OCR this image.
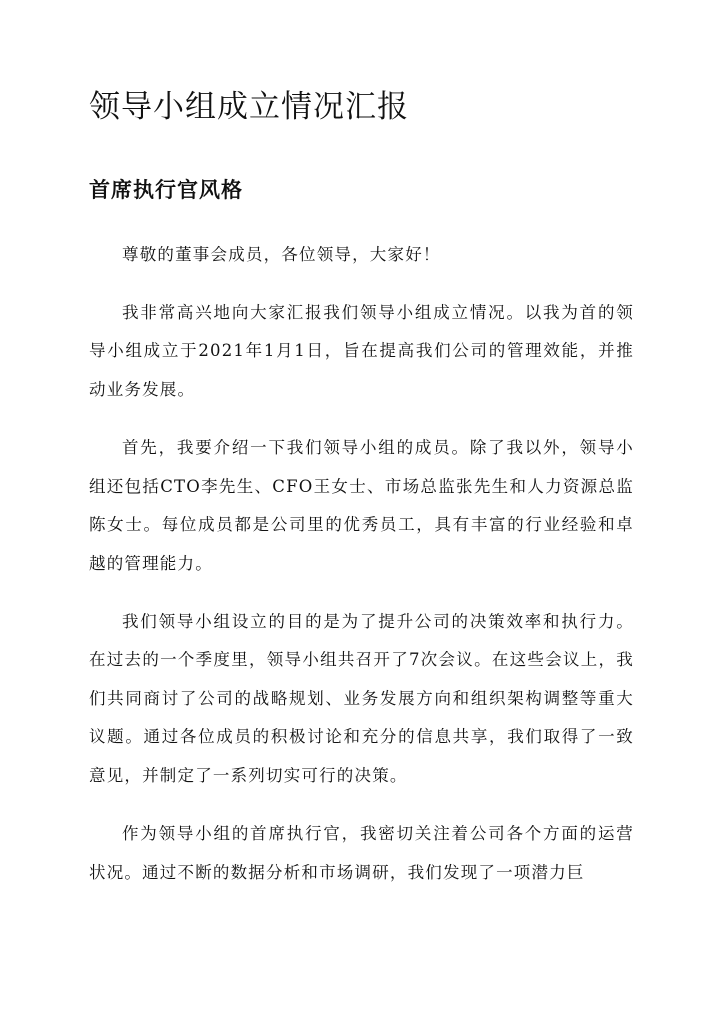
领导小组成立情况汇报
首席执行官风格

尊敬的董事会成员，各位领导，大家好！

我非常高兴地向大家汇报我们领导小组成立情况。以我为首的领导小组成立于2021年1月1日，旨在提高我们公司的管理效能，并推动业务发展。

首先，我要介绍一下我们领导小组的成员。除了我以外，领导小组还包括CTO李先生、CFO王女士、市场总监张先生和人力资源总监陈女士。每位成员都是公司里的优秀员工，具有丰富的行业经验和卓越的管理能力。

我们领导小组设立的目的是为了提升公司的决策效率和执行力。在过去的一个季度里，领导小组共召开了7次会议。在这些会议上，我们共同商讨了公司的战略规划、业务发展方向和组织架构调整等重大议题。通过各位成员的积极讨论和充分的信息共享，我们取得了一致意见，并制定了一系列切实可行的决策。

作为领导小组的首席执行官，我密切关注着公司各个方面的运营状况。通过不断的数据分析和市场调研，我们发现了一项潜力巨
